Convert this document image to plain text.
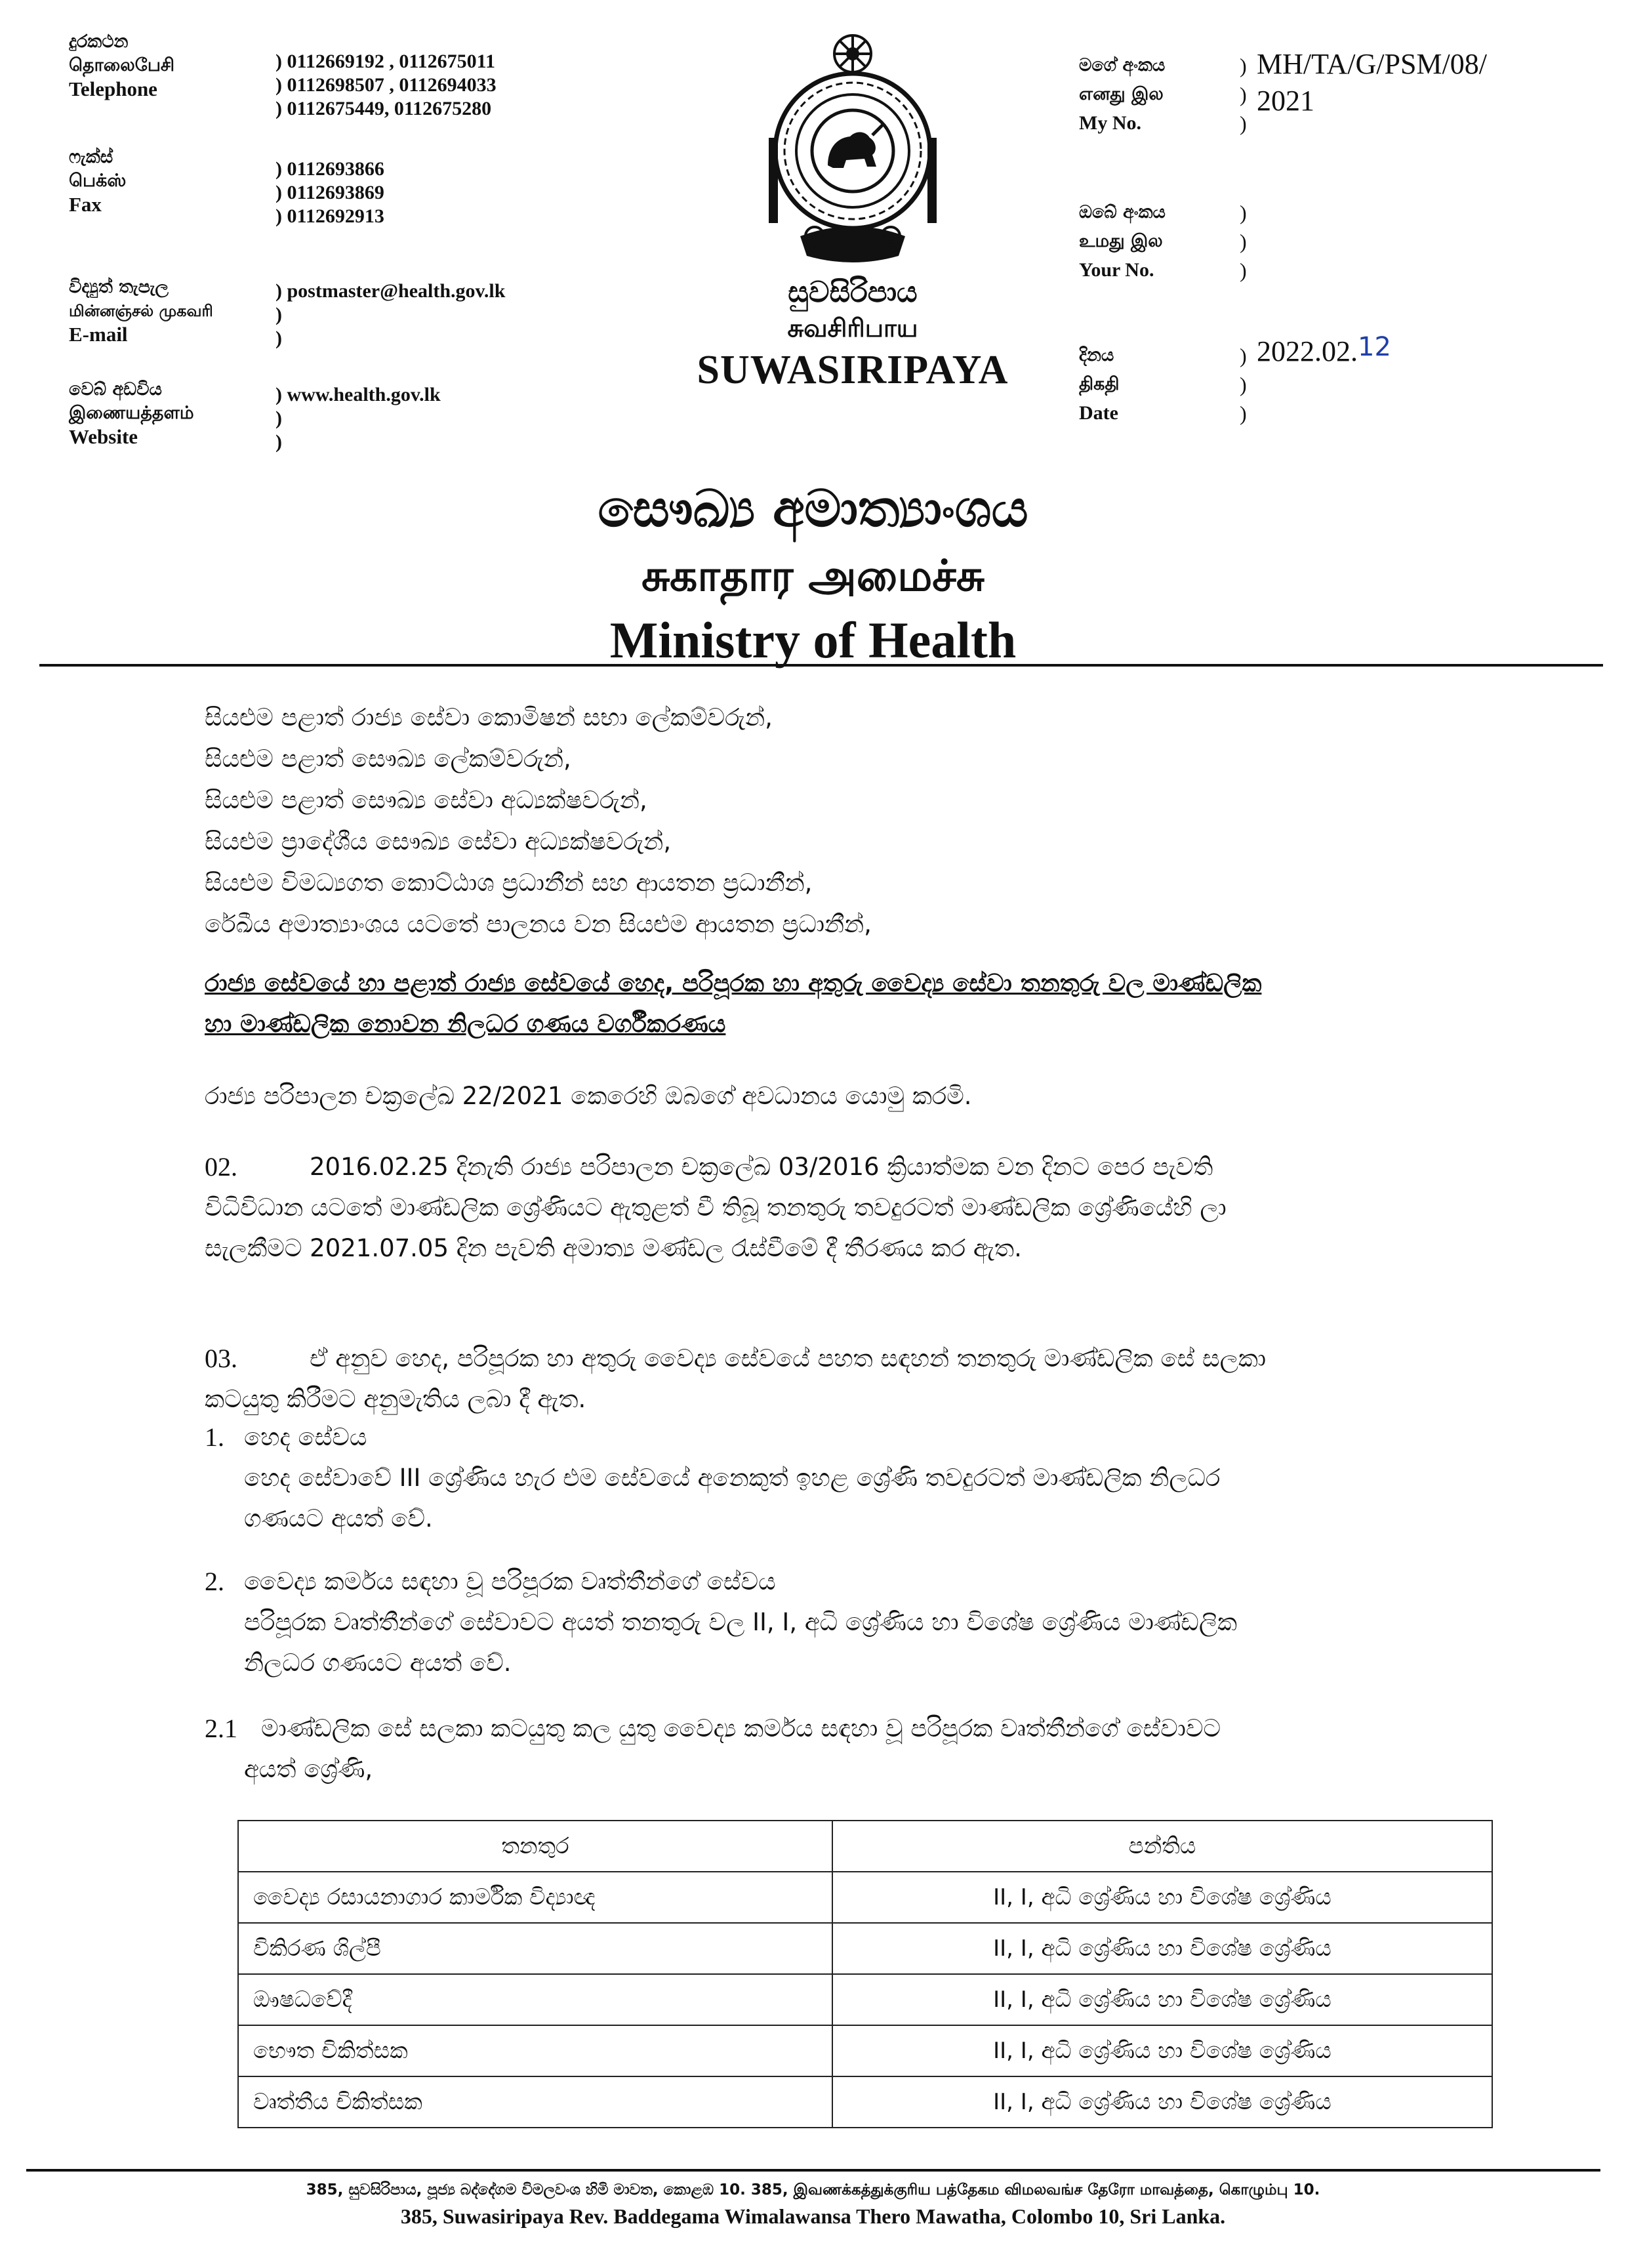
දුරකථන
தொலைபேசி
Telephone
) 0112669192 , 0112675011
) 0112698507 , 0112694033
) 0112675449, 0112675280
ෆැක්ස්
பெக்ஸ்
Fax
) 0112693866
) 0112693869
) 0112692913
විද්‍යුත් තැපැල
மின்னஞ்சல் முகவரி
E-mail
) postmaster@health.gov.lk
)
)
වෙබ් අඩවිය
இணையத்தளம்
Website
) www.health.gov.lk
)
)
සුවසිරිපාය
சுவசிரிபாய
SUWASIRIPAYA
මගේ අංකය
எனது இல
My No.
)
)
)
MH/TA/G/PSM/08/
2021
ඔබේ අංකය
உமது இல
Your No.
)
)
)
දිනය
திகதி
Date
)
)
)
2022.02.12
සෞඛ්‍ය අමාත්‍යාංශය
சுகாதார அமைச்சு
Ministry of Health
සියළුම පළාත් රාජ්‍ය සේවා කොමිෂන් සභා ලේකම්වරුන්,
සියළුම පළාත් සෞඛ්‍ය ලේකම්වරුන්,
සියළුම පළාත් සෞඛ්‍ය සේවා අධ්‍යක්ෂවරුන්,
සියළුම ප්‍රාදේශීය සෞඛ්‍ය සේවා අධ්‍යක්ෂවරුන්,
සියළුම විමධ්‍යගත කොට්ඨාශ ප්‍රධානීන් සහ ආයතන ප්‍රධානීන්,
රේඛීය අමාත්‍යාංශය යටතේ පාලනය වන සියළුම ආයතන ප්‍රධානීන්,
රාජ්‍ය සේවයේ හා පළාත් රාජ්‍ය සේවයේ හෙද, පරිපූරක හා අතුරු වෛද්‍ය සේවා තනතුරු වල මාණ්ඩලික
හා මාණ්ඩලික නොවන නිලධර ගණය වර්ගීකරණය
රාජ්‍ය පරිපාලන චක්‍රලේඛ 22/2021 කෙරෙහි ඔබගේ අවධානය යොමු කරමි.
02.	2016.02.25 දිනැති රාජ්‍ය පරිපාලන චක්‍රලේඛ 03/2016 ක්‍රියාත්මක වන දිනට පෙර පැවති
විධිවිධාන යටතේ මාණ්ඩලික ශ්‍රේණියට ඇතුළත් වී තිබූ තනතුරු තවදුරටත් මාණ්ඩලික ශ්‍රේණියේහි ලා
සැලකීමට 2021.07.05 දින පැවති අමාත්‍ය මණ්ඩල රැස්වීමේ දී තීරණය කර ඇත.
03.	ඒ අනුව හෙද, පරිපූරක හා අතුරු වෛද්‍ය සේවයේ පහත සඳහන් තනතුරු මාණ්ඩලික සේ සලකා
කටයුතු කිරීමට අනුමැතිය ලබා දී ඇත.
1. හෙද සේවය
හෙද සේවාවේ III ශ්‍රේණිය හැර එම සේවයේ අනෙකුත් ඉහළ ශ්‍රේණි තවදුරටත් මාණ්ඩලික නිලධර
ගණයට අයත් වේ.
2. වෛද්‍ය කර්මය සඳහා වූ පරිපූරක වෘත්තීන්ගේ සේවය
පරිපූරක වෘත්තීන්ගේ සේවාවට අයත් තනතුරු වල II, I, අධි ශ්‍රේණිය හා විශේෂ ශ්‍රේණිය මාණ්ඩලික
නිලධර ගණයට අයත් වේ.
2.1 මාණ්ඩලික සේ සලකා කටයුතු කල යුතු වෛද්‍ය කර්මය සඳහා වූ පරිපූරක වෘත්තීන්ගේ සේවාවට
අයත් ශ්‍රේණි,
තනතුර	පන්තිය
වෛද්‍ය රසායනාගාර කාර්මික විද්‍යාඥ	II, I, අධි ශ්‍රේණිය හා විශේෂ ශ්‍රේණිය
විකිරණ ශිල්පී	II, I, අධි ශ්‍රේණිය හා විශේෂ ශ්‍රේණිය
ඖෂධවේදී	II, I, අධි ශ්‍රේණිය හා විශේෂ ශ්‍රේණිය
භෞත චිකිත්සක	II, I, අධි ශ්‍රේණිය හා විශේෂ ශ්‍රේණිය
වෘත්තීය චිකිත්සක	II, I, අධි ශ්‍රේණිය හා විශේෂ ශ්‍රේණිය
385, සුවසිරිපාය, පූජ්‍ය බද්දේගම විමලවංශ හිමි මාවත, කොළඹ 10. 385, இவணக்கத்துக்குரிய பத்தேகம விமலவங்ச தேரோ மாவத்தை, கொழும்பு 10.
385, Suwasiripaya Rev. Baddegama Wimalawansa Thero Mawatha, Colombo 10, Sri Lanka.
